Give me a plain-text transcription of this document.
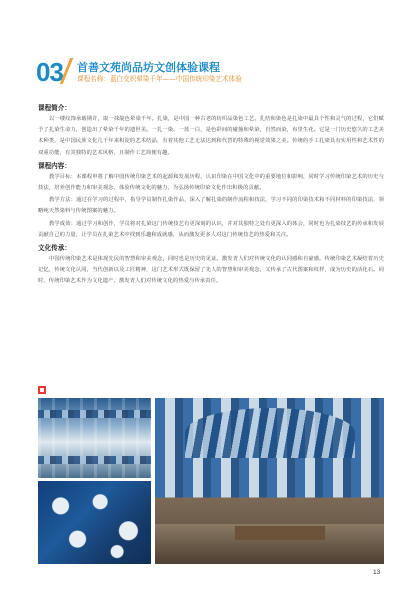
03 首善文苑尚品坊文创体验课程
课程名称：蓝白交织晕染千年——中国传统印染艺术体验

课程简介：

以一缕纹饰承载期许，取一抹靛色晕染千年。扎染，是中国一种古老的纺织品染色工艺。扎结和染色是扎染中最具个性和灵气的过程，它们赋予了扎染生命力，创造出了晕染千年的遗世美。一扎一染，一蓝一白，是色彩间的碰撞和晕染，自然而染，布里生花。它是一门历史悠久的工艺美术种类，是中国民族文化几千年来积淀的艺术结晶，有着其他工艺无法达到和代替的特殊的视觉效果之美。传统的手工扎染具有实用性和艺术性的双重功能，有其独特的艺术风格，且制作工艺简便有趣。

课程内容：

教学目标：本课程申将了解中国传统印染艺术的起源和发展历程，认识印染在中国文化中的重要地位和影响，同时学习传统印染艺术的历史与技法，培养创作能力和审美观念，体验传统文化的魅力，为弘扬传统印染文化作出积极的贡献。

教学方法：通过在学习的过程中，指导学员制作扎染作品，深入了解扎染的制作流程和技法，学习不同的印染技术和不同材料的印染技法，领略纯天然染料与传统图案的魅力。

教学成效：通过学习和创作，学员将对扎染这门传统技艺有更深刻的认识，并对其独特之处有更深入的体会，同时也为扎染技艺的传承和发展贡献自己的力量，让学员在扎染艺术中找到乐趣和成就感，从而激发更多人对这门传统技艺的热爱和关注。

文化传承：

中国传统印染艺术是体现先民的智慧和审美观念，同时也是历史的见证。激发青人们对传统文化的认同感和自豪感。传统印染艺术凝结着历史记忆，传统文化认同，当代创新以及工匠精神，这门艺术形式既保留了先人的智慧和审美观念，又传承了古代图案和纹样，成为历史的活化石。同时，传统印染艺术作为文化遗产，激发青人们对传统文化的热爱与传承责任。

13
